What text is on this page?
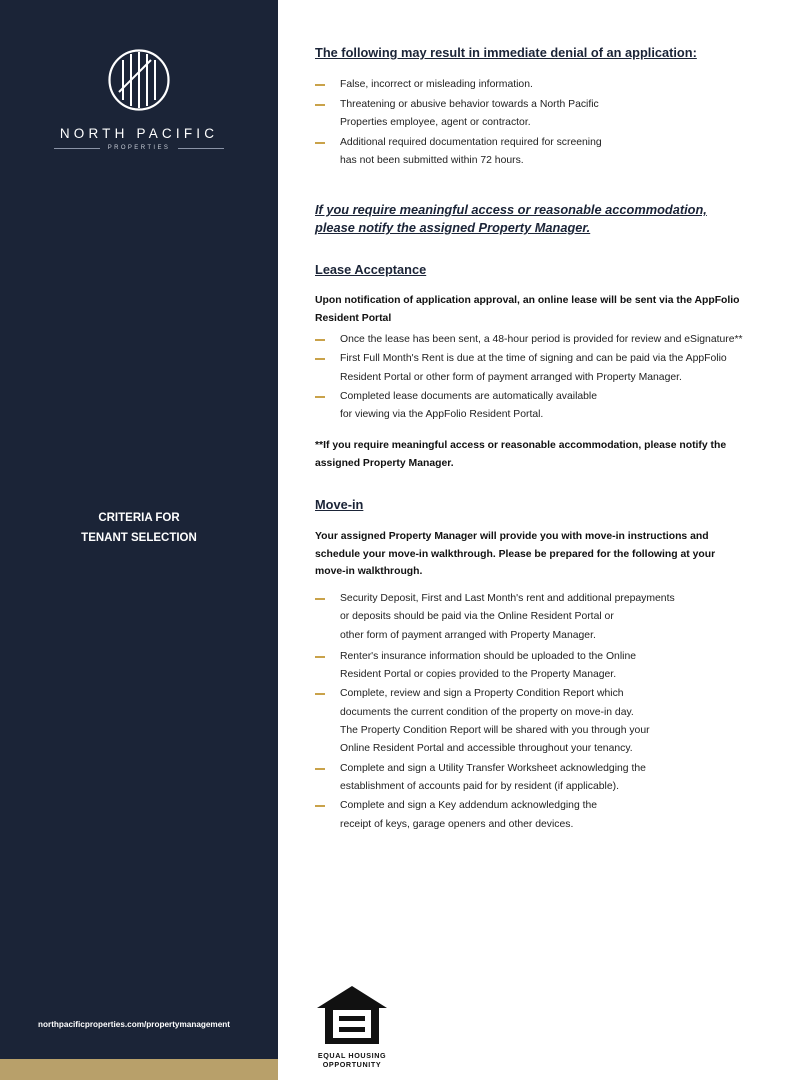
NORTH PACIFIC
PROPERTIES
CRITERIA FOR
TENANT SELECTION
northpacificproperties.com/propertymanagement
The following may result in immediate denial of an application:
False, incorrect or misleading information.
Threatening or abusive behavior towards a North Pacific
Properties employee, agent or contractor.
Additional required documentation required for screening
has not been submitted within 72 hours.
If you require meaningful access or reasonable accommodation,
please notify the assigned Property Manager.
Lease Acceptance
Upon notification of application approval, an online lease will be sent via the AppFolio
Resident Portal
Once the lease has been sent, a 48-hour period is provided for review and eSignature**
First Full Month's Rent is due at the time of signing and can be paid via the AppFolio
Resident Portal or other form of payment arranged with Property Manager.
Completed lease documents are automatically available
for viewing via the AppFolio Resident Portal.
**If you require meaningful access or reasonable accommodation, please notify the
assigned Property Manager.
Move-in
Your assigned Property Manager will provide you with move-in instructions and
schedule your move-in walkthrough. Please be prepared for the following at your
move-in walkthrough.
Security Deposit, First and Last Month's rent and additional prepayments
or deposits should be paid via the Online Resident Portal or
other form of payment arranged with Property Manager.
Renter's insurance information should be uploaded to the Online
Resident Portal or copies provided to the Property Manager.
Complete, review and sign a Property Condition Report which
documents the current condition of the property on move-in day.
The Property Condition Report will be shared with you through your
Online Resident Portal and accessible throughout your tenancy.
Complete and sign a Utility Transfer Worksheet acknowledging the
establishment of accounts paid for by resident (if applicable).
Complete and sign a Key addendum acknowledging the
receipt of keys, garage openers and other devices.
EQUAL HOUSING
OPPORTUNITY
